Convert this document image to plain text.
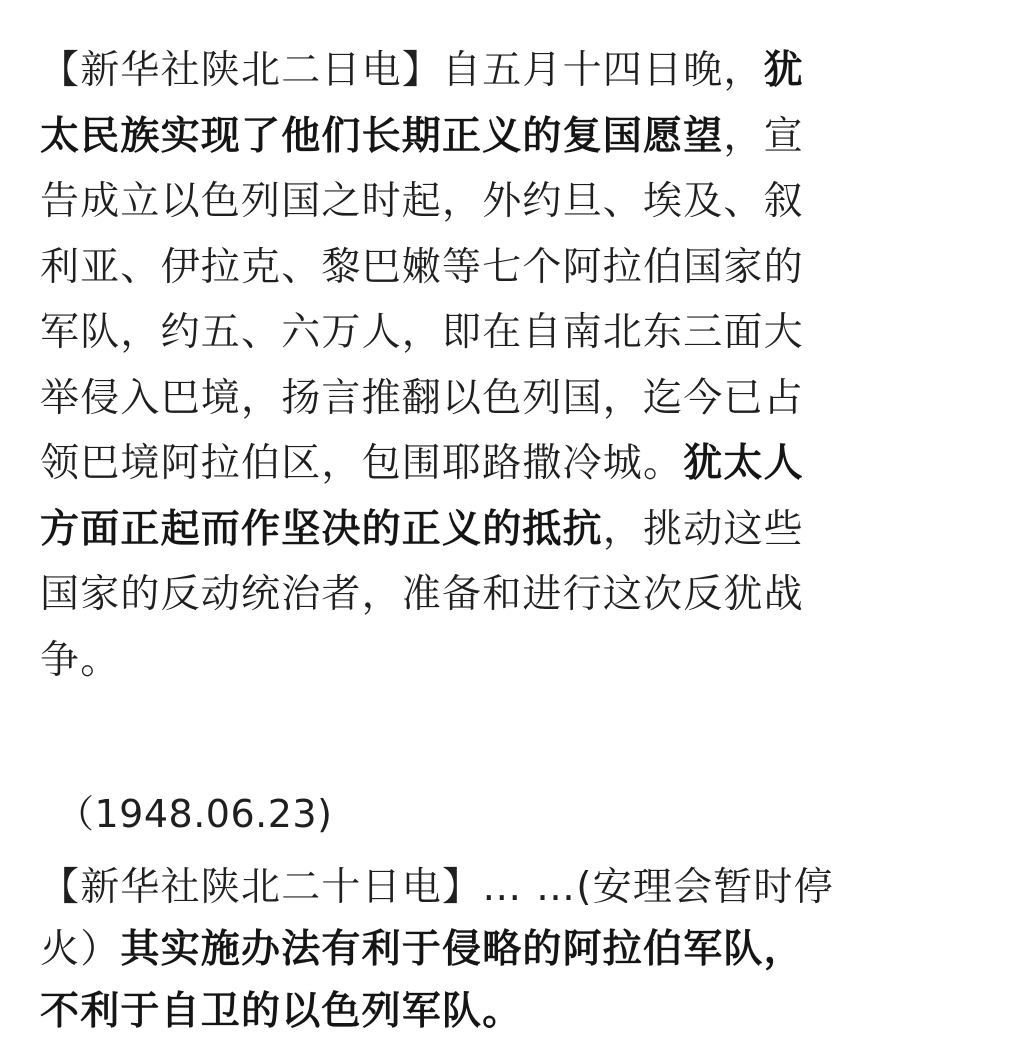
【新华社陕北二日电】自五月十四日晚，犹
太民族实现了他们长期正义的复国愿望，宣
告成立以色列国之时起，外约旦、埃及、叙
利亚、伊拉克、黎巴嫩等七个阿拉伯国家的
军队，约五、六万人，即在自南北东三面大
举侵入巴境，扬言推翻以色列国，迄今已占
领巴境阿拉伯区，包围耶路撒冷城。犹太人
方面正起而作坚决的正义的抵抗，挑动这些
国家的反动统治者，准备和进行这次反犹战
争。
（1948.06.23)
【新华社陕北二十日电】… …(安理会暂时停
火）其实施办法有利于侵略的阿拉伯军队，
不利于自卫的以色列军队。
